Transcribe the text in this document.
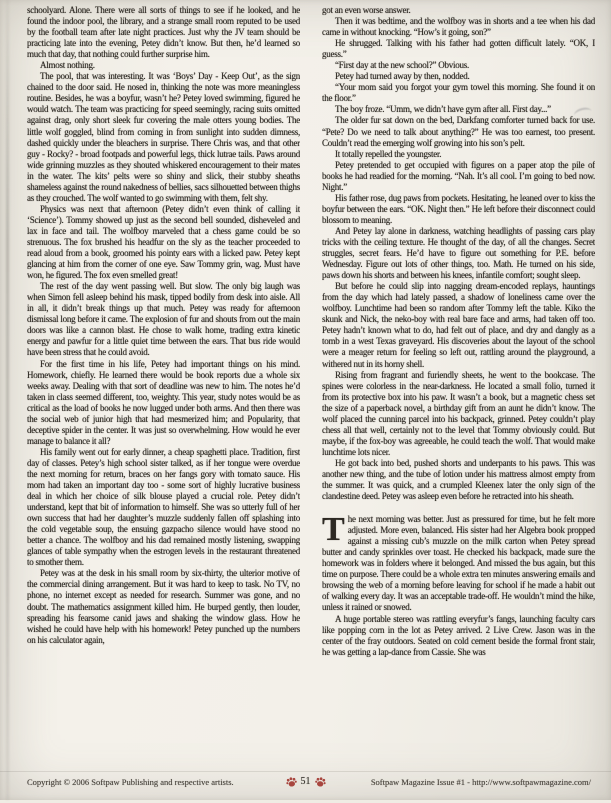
schoolyard. Alone. There were all sorts of things to see if he looked, and he found the indoor pool, the library, and a strange small room reputed to be used by the football team after late night practices. Just why the JV team should be practicing late into the evening, Petey didn’t know. But then, he’d learned so much that day, that nothing could further surprise him.

Almost nothing.

The pool, that was interesting. It was ‘Boys’ Day - Keep Out’, as the sign chained to the door said. He nosed in, thinking the note was more meaningless routine. Besides, he was a boyfur, wasn’t he? Petey loved swimming, figured he would watch. The team was practicing for speed seemingly, racing suits omitted against drag, only short sleek fur covering the male otters young bodies. The little wolf goggled, blind from coming in from sunlight into sudden dimness, dashed quickly under the bleachers in surprise. There Chris was, and that other guy - Rocky? - broad footpads and powerful legs, thick lutrae tails. Paws around wide grinning muzzles as they shouted whiskered encouragement to their mates in the water. The kits’ pelts were so shiny and slick, their stubby sheaths shameless against the round nakedness of bellies, sacs silhouetted between thighs as they crouched. The wolf wanted to go swimming with them, felt shy.

Physics was next that afternoon (Petey didn’t even think of calling it ‘Science’). Tommy showed up just as the second bell sounded, disheveled and lax in face and tail. The wolfboy marveled that a chess game could be so strenuous. The fox brushed his headfur on the sly as the teacher proceeded to read aloud from a book, groomed his pointy ears with a licked paw. Petey kept glancing at him from the corner of one eye. Saw Tommy grin, wag. Must have won, he figured. The fox even smelled great!

The rest of the day went passing well. But slow. The only big laugh was when Simon fell asleep behind his mask, tipped bodily from desk into aisle. All in all, it didn’t break things up that much. Petey was ready for afternoon dismissal long before it came. The explosion of fur and shouts from out the main doors was like a cannon blast. He chose to walk home, trading extra kinetic energy and pawfur for a little quiet time between the ears. That bus ride would have been stress that he could avoid.

For the first time in his life, Petey had important things on his mind. Homework, chiefly. He learned there would be book reports due a whole six weeks away. Dealing with that sort of deadline was new to him. The notes he’d taken in class seemed different, too, weighty. This year, study notes would be as critical as the load of books he now lugged under both arms. And then there was the social web of junior high that had mesmerized him; and Popularity, that deceptive spider in the center. It was just so overwhelming. How would he ever manage to balance it all?

His family went out for early dinner, a cheap spaghetti place. Tradition, first day of classes. Petey’s high school sister talked, as if her tongue were overdue the next morning for return, braces on her fangs gory with tomato sauce. His mom had taken an important day too - some sort of highly lucrative business deal in which her choice of silk blouse played a crucial role. Petey didn’t understand, kept that bit of information to himself. She was so utterly full of her own success that had her daughter’s muzzle suddenly fallen off splashing into the cold vegetable soup, the ensuing gazpacho silence would have stood no better a chance. The wolfboy and his dad remained mostly listening, swapping glances of table sympathy when the estrogen levels in the restaurant threatened to smother them.

Petey was at the desk in his small room by six-thirty, the ulterior motive of the commercial dining arrangement. But it was hard to keep to task. No TV, no phone, no internet except as needed for research. Summer was gone, and no doubt. The mathematics assignment killed him. He burped gently, then louder, spreading his fearsome canid jaws and shaking the window glass. How he wished he could have help with his homework! Petey punched up the numbers on his calculator again,

got an even worse answer.

Then it was bedtime, and the wolfboy was in shorts and a tee when his dad came in without knocking. “How’s it going, son?”

He shrugged. Talking with his father had gotten difficult lately. “OK, I guess.”

“First day at the new school?” Obvious.

Petey had turned away by then, nodded.

“Your mom said you forgot your gym towel this morning. She found it on the floor.”

The boy froze. “Umm, we didn’t have gym after all. First day...”

The older fur sat down on the bed, Darkfang comforter turned back for use. “Pete? Do we need to talk about anything?” He was too earnest, too present. Couldn’t read the emerging wolf growing into his son’s pelt.

It totally repelled the youngster.

Petey pretended to get occupied with figures on a paper atop the pile of books he had readied for the morning. “Nah. It’s all cool. I’m going to bed now. Night.”

His father rose, dug paws from pockets. Hesitating, he leaned over to kiss the boyfur between the ears. “OK. Night then.” He left before their disconnect could blossom to meaning.

And Petey lay alone in darkness, watching headlights of passing cars play tricks with the ceiling texture. He thought of the day, of all the changes. Secret struggles, secret fears. He’d have to figure out something for P.E. before Wednesday. Figure out lots of other things, too. Math. He turned on his side, paws down his shorts and between his knees, infantile comfort; sought sleep.

But before he could slip into nagging dream-encoded replays, hauntings from the day which had lately passed, a shadow of loneliness came over the wolfboy. Lunchtime had been so random after Tommy left the table. Kiko the skunk and Nick, the neko-boy with real bare face and arms, had taken off too. Petey hadn’t known what to do, had felt out of place, and dry and dangly as a tomb in a west Texas graveyard. His discoveries about the layout of the school were a meager return for feeling so left out, rattling around the playground, a withered nut in its horny shell.

Rising from fragrant and furiendly sheets, he went to the bookcase. The spines were colorless in the near-darkness. He located a small folio, turned it from its protective box into his paw. It wasn’t a book, but a magnetic chess set the size of a paperback novel, a birthday gift from an aunt he didn’t know. The wolf placed the cunning parcel into his backpack, grinned. Petey couldn’t play chess all that well, certainly not to the level that Tommy obviously could. But maybe, if the fox-boy was agreeable, he could teach the wolf. That would make lunchtime lots nicer.

He got back into bed, pushed shorts and underpants to his paws. This was another new thing, and the tube of lotion under his mattress almost empty from the summer. It was quick, and a crumpled Kleenex later the only sign of the clandestine deed. Petey was asleep even before he retracted into his sheath.

The next morning was better. Just as pressured for time, but he felt more adjusted. More even, balanced. His sister had her Algebra book propped against a missing cub’s muzzle on the milk carton when Petey spread butter and candy sprinkles over toast. He checked his backpack, made sure the homework was in folders where it belonged. And missed the bus again, but this time on purpose. There could be a whole extra ten minutes answering emails and browsing the web of a morning before leaving for school if he made a habit out of walking every day. It was an acceptable trade-off. He wouldn’t mind the hike, unless it rained or snowed.

A huge portable stereo was rattling everyfur’s fangs, launching faculty cars like popping corn in the lot as Petey arrived. 2 Live Crew. Jason was in the center of the fray outdoors. Seated on cold cement beside the formal front stair, he was getting a lap-dance from Cassie. She was

Copyright © 2006 Softpaw Publishing and respective artists.	51	Softpaw Magazine Issue #1 - http://www.softpawmagazine.com/
